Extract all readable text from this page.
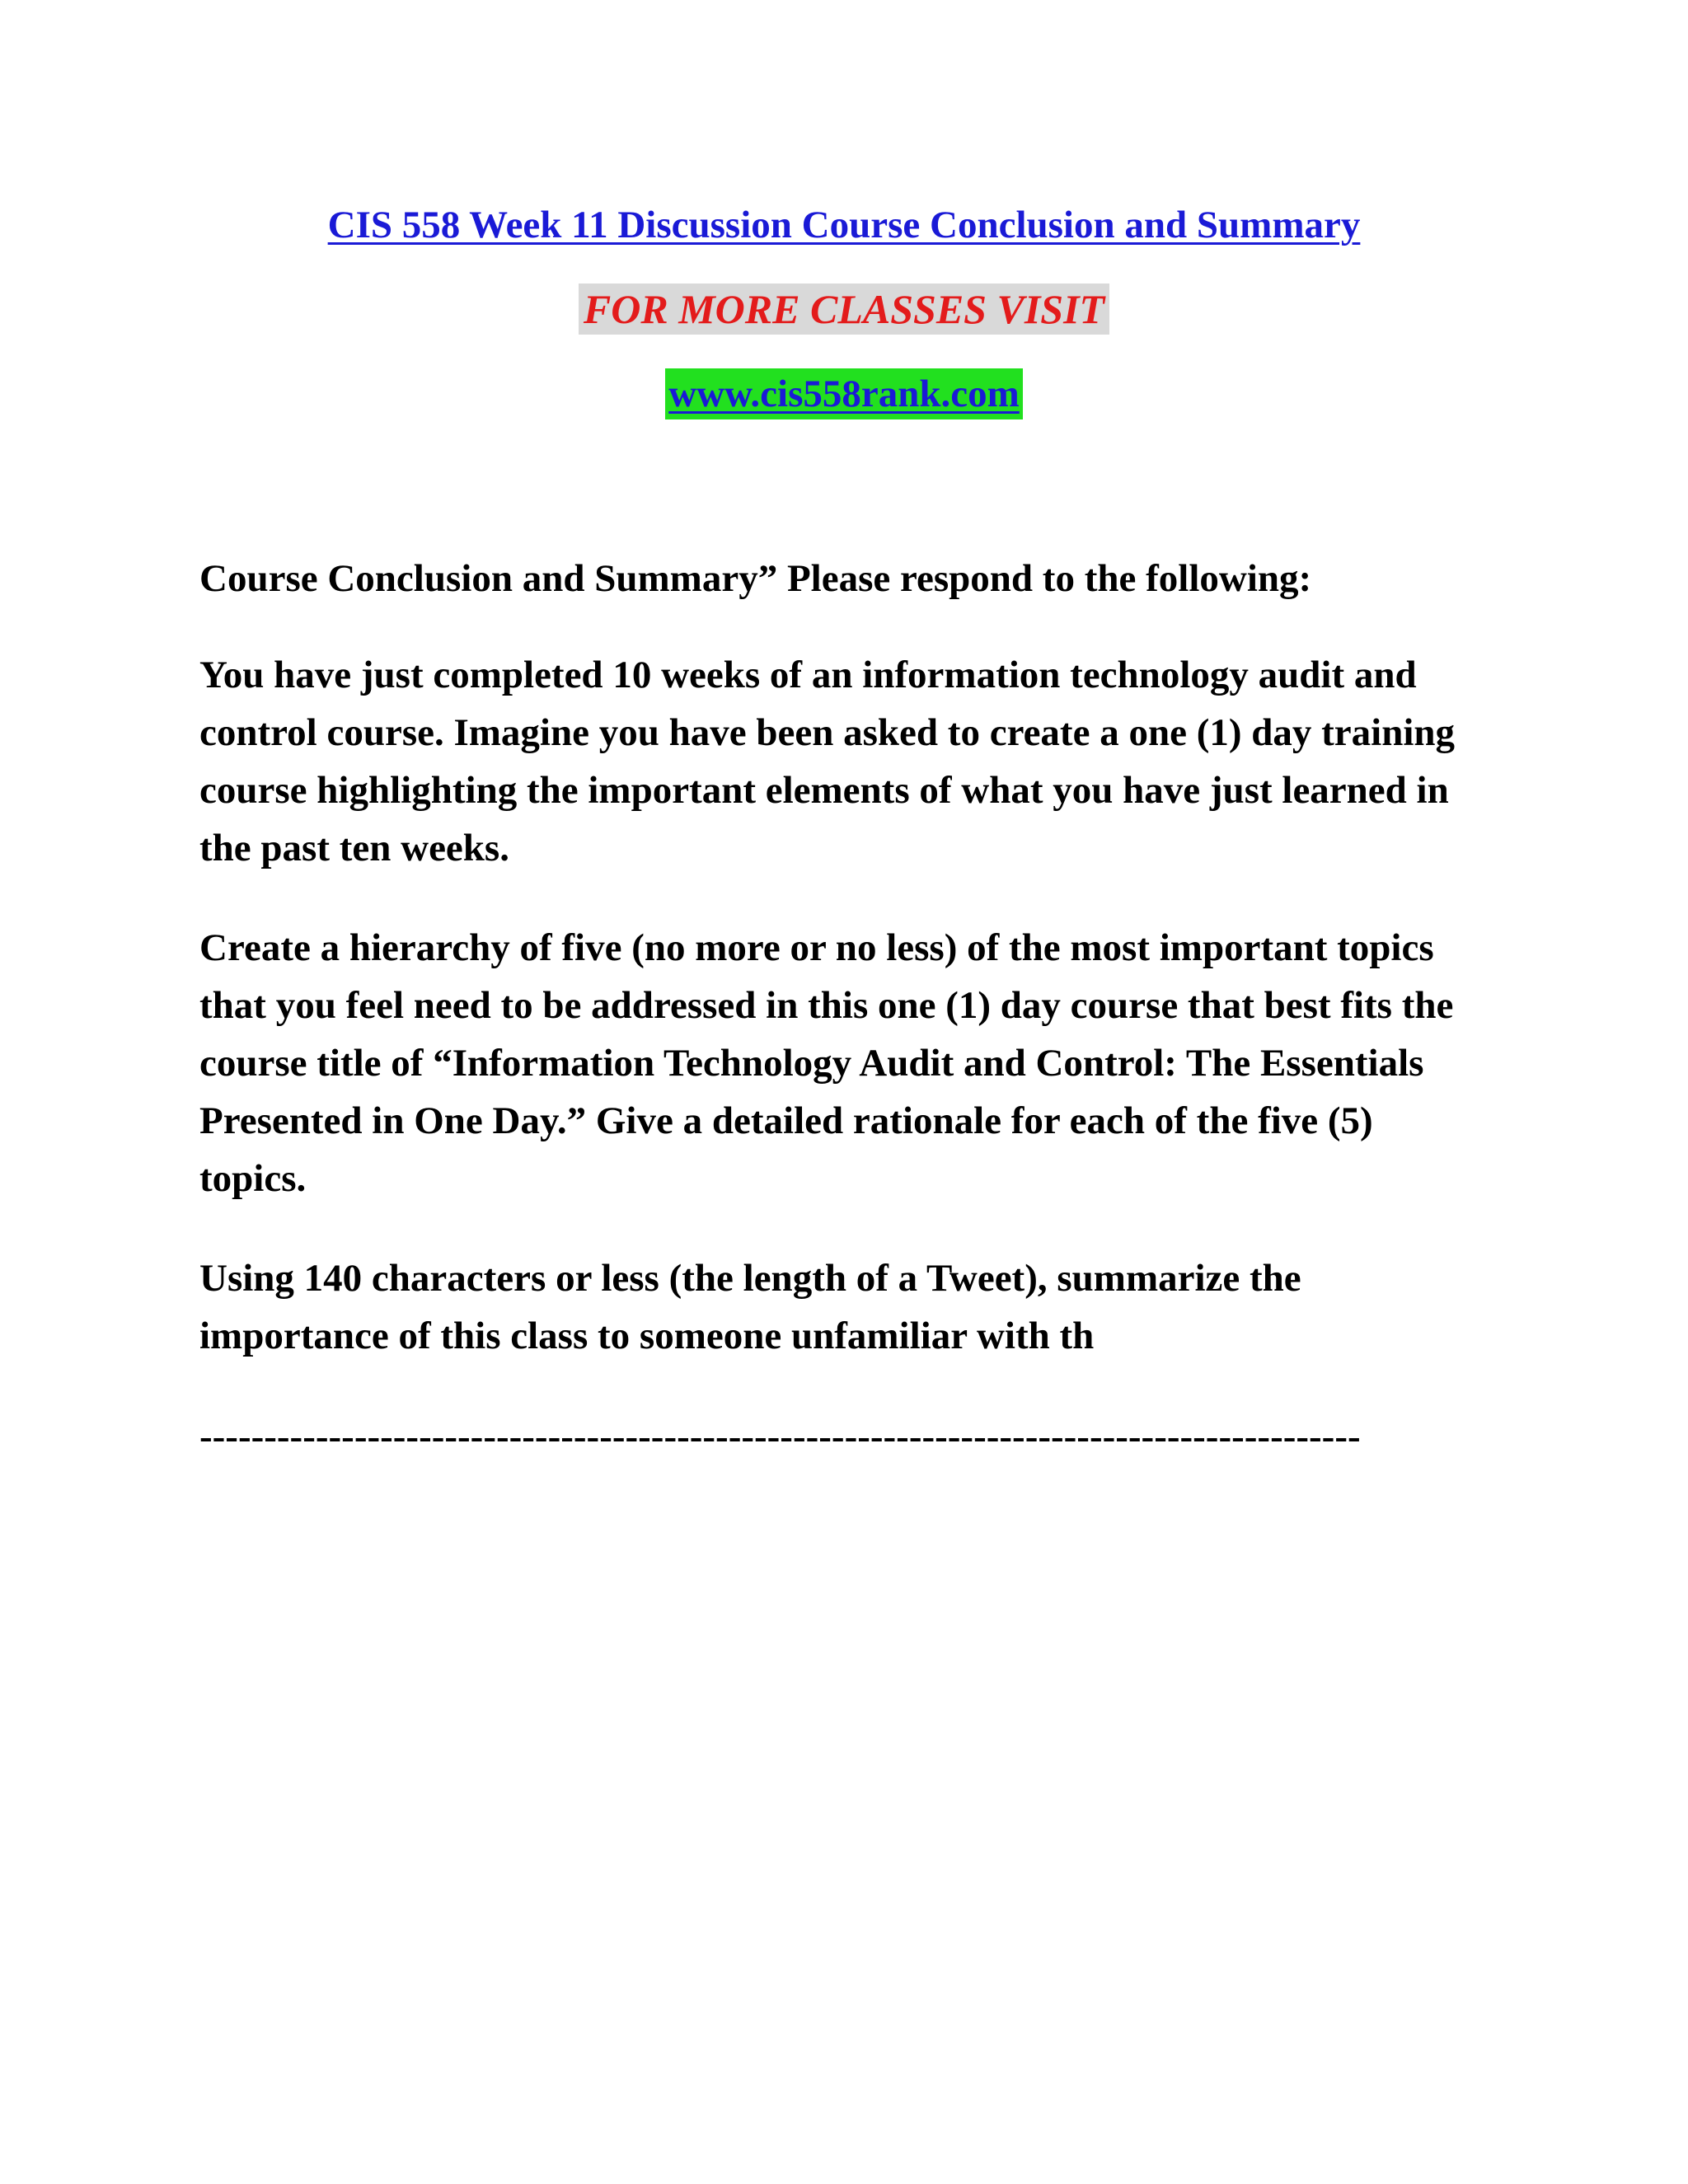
CIS 558 Week 11 Discussion Course Conclusion and Summary
FOR MORE CLASSES VISIT
www.cis558rank.com

Course Conclusion and Summary” Please respond to the following:

You have just completed 10 weeks of an information technology audit and control course. Imagine you have been asked to create a one (1) day training course highlighting the important elements of what you have just learned in the past ten weeks.

Create a hierarchy of five (no more or no less) of the most important topics that you feel need to be addressed in this one (1) day course that best fits the course title of “Information Technology Audit and Control: The Essentials Presented in One Day.” Give a detailed rationale for each of the five (5) topics.

Using 140 characters or less (the length of a Tweet), summarize the importance of this class to someone unfamiliar with th

------------------------------------------------------------------------------------------
